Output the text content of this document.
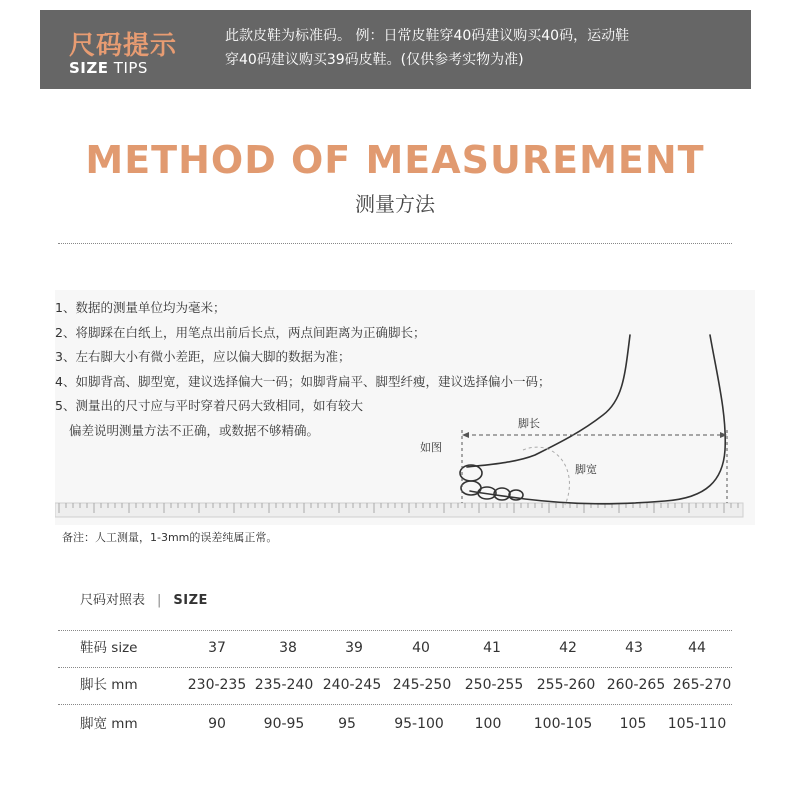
尺码提示
SIZE TIPS
此款皮鞋为标准码。 例：日常皮鞋穿40码建议购买40码，运动鞋
穿40码建议购买39码皮鞋。(仅供参考实物为准)
METHOD OF MEASUREMENT
测量方法
脚长
如图
脚宽
1、数据的测量单位均为毫米；
2、将脚踩在白纸上，用笔点出前后长点，两点间距离为正确脚长；
3、左右脚大小有微小差距，应以偏大脚的数据为准；
4、如脚背高、脚型宽，建议选择偏大一码；如脚背扁平、脚型纤瘦，建议选择偏小一码；
5、测量出的尺寸应与平时穿着尺码大致相同，如有较大
偏差说明测量方法不正确，或数据不够精确。
备注：人工测量，1-3mm的误差纯属正常。
尺码对照表 | SIZE
鞋码 size	37	38	39	40	41	42	43	44
脚长 mm	230-235 235-240 240-245 245-250 250-255 255-260 260-265 265-270
脚宽 mm	90	90-95	95	95-100	100	100-105	105	105-110
